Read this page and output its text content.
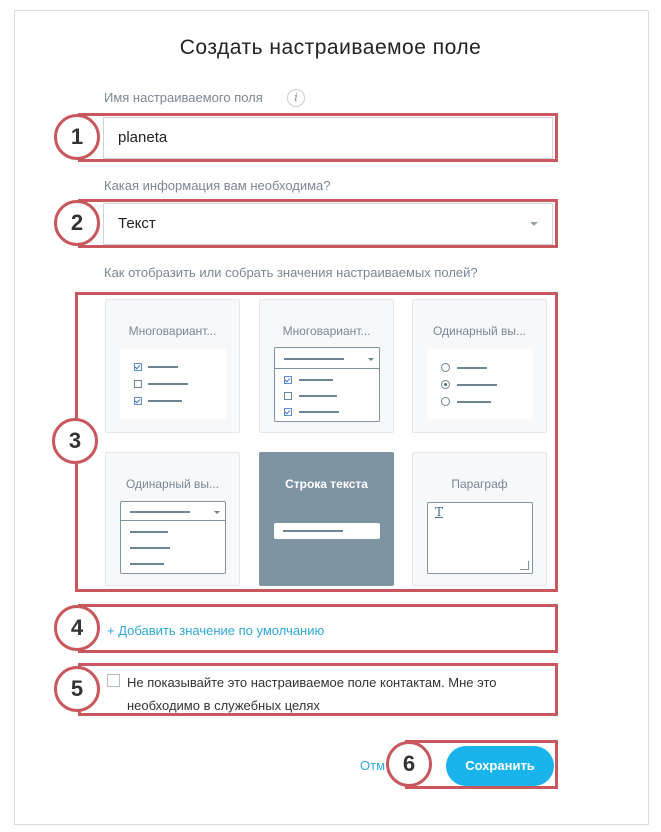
Создать настраиваемое поле
Имя настраиваемого поля	i
planeta
Какая информация вам необходима?
Текст
Как отобразить или собрать значения настраиваемых полей?
Многовариант...	Многовариант...	Одинарный вы...
Одинарный вы...	Строка текста	Параграф
T
+ Добавить значение по умолчанию
Не показывайте это настраиваемое поле контактам. Мне это необходимо в служебных целях
Отм	Сохранить
1
2
3
4
5
6
